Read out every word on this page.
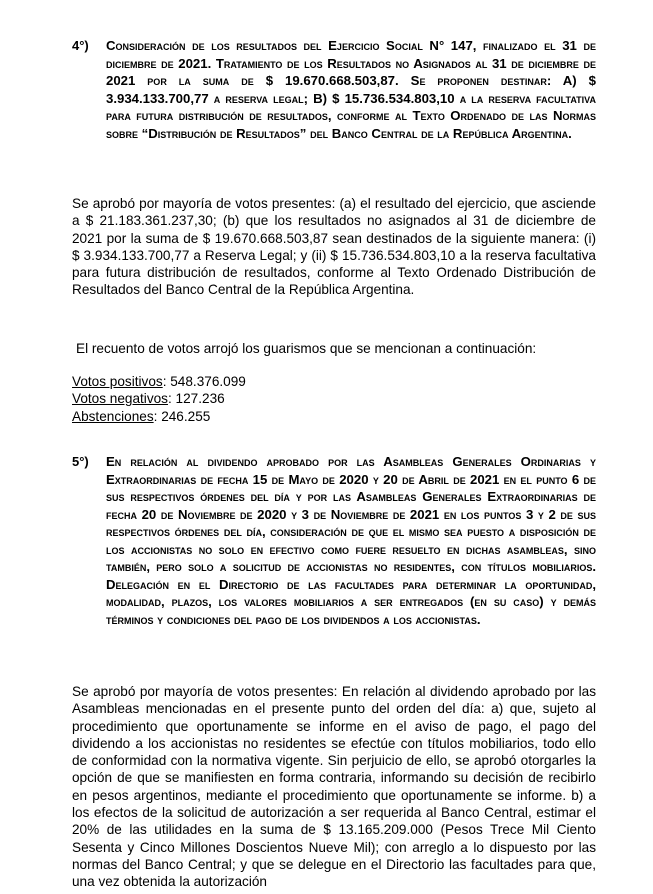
4°) Consideración de los resultados del Ejercicio Social N° 147, finalizado el 31 de diciembre de 2021. Tratamiento de los Resultados no Asignados al 31 de diciembre de 2021 por la suma de $ 19.670.668.503,87. Se proponen destinar: A) $ 3.934.133.700,77 a reserva legal; B) $ 15.736.534.803,10 a la reserva facultativa para futura distribución de resultados, conforme al Texto Ordenado de las Normas sobre “Distribución de Resultados” del Banco Central de la República Argentina.

Se aprobó por mayoría de votos presentes: (a) el resultado del ejercicio, que asciende a $ 21.183.361.237,30; (b) que los resultados no asignados al 31 de diciembre de 2021 por la suma de $ 19.670.668.503,87 sean destinados de la siguiente manera: (i) $ 3.934.133.700,77 a Reserva Legal; y (ii) $ 15.736.534.803,10 a la reserva facultativa para futura distribución de resultados, conforme al Texto Ordenado Distribución de Resultados del Banco Central de la República Argentina.

El recuento de votos arrojó los guarismos que se mencionan a continuación:

Votos positivos: 548.376.099
Votos negativos: 127.236
Abstenciones: 246.255
5°) En relación al dividendo aprobado por las Asambleas Generales Ordinarias y Extraordinarias de fecha 15 de Mayo de 2020 y 20 de Abril de 2021 en el punto 6 de sus respectivos órdenes del día y por las Asambleas Generales Extraordinarias de fecha 20 de Noviembre de 2020 y 3 de Noviembre de 2021 en los puntos 3 y 2 de sus respectivos órdenes del día, consideración de que el mismo sea puesto a disposición de los accionistas no solo en efectivo como fuere resuelto en dichas asambleas, sino también, pero solo a solicitud de accionistas no residentes, con títulos mobiliarios. Delegación en el Directorio de las facultades para determinar la oportunidad, modalidad, plazos, los valores mobiliarios a ser entregados (en su caso) y demás términos y condiciones del pago de los dividendos a los accionistas.

Se aprobó por mayoría de votos presentes: En relación al dividendo aprobado por las Asambleas mencionadas en el presente punto del orden del día: a) que, sujeto al procedimiento que oportunamente se informe en el aviso de pago, el pago del dividendo a los accionistas no residentes se efectúe con títulos mobiliarios, todo ello de conformidad con la normativa vigente. Sin perjuicio de ello, se aprobó otorgarles la opción de que se manifiesten en forma contraria, informando su decisión de recibirlo en pesos argentinos, mediante el procedimiento que oportunamente se informe. b) a los efectos de la solicitud de autorización a ser requerida al Banco Central, estimar el 20% de las utilidades en la suma de $ 13.165.209.000 (Pesos Trece Mil Ciento Sesenta y Cinco Millones Doscientos Nueve Mil); con arreglo a lo dispuesto por las normas del Banco Central; y que se delegue en el Directorio las facultades para que, una vez obtenida la autorización
